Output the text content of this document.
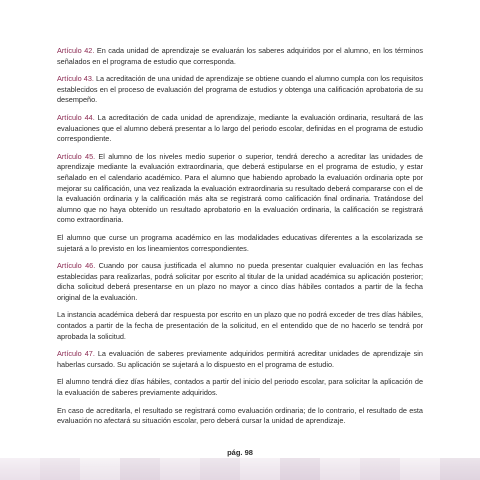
Artículo 42. En cada unidad de aprendizaje se evaluarán los saberes adquiridos por el alumno, en los términos señalados en el programa de estudio que corresponda.

Artículo 43. La acreditación de una unidad de aprendizaje se obtiene cuando el alumno cumpla con los requisitos establecidos en el proceso de evaluación del programa de estudios y obtenga una calificación aprobatoria de su desempeño.

Artículo 44. La acreditación de cada unidad de aprendizaje, mediante la evaluación ordinaria, resultará de las evaluaciones que el alumno deberá presentar a lo largo del periodo escolar, definidas en el programa de estudio correspondiente.

Artículo 45. El alumno de los niveles medio superior o superior, tendrá derecho a acreditar las unidades de aprendizaje mediante la evaluación extraordinaria, que deberá estipularse en el programa de estudio, y estar señalado en el calendario académico. Para el alumno que habiendo aprobado la evaluación ordinaria opte por mejorar su calificación, una vez realizada la evaluación extraordinaria su resultado deberá compararse con el de la evaluación ordinaria y la calificación más alta se registrará como calificación final ordinaria. Tratándose del alumno que no haya obtenido un resultado aprobatorio en la evaluación ordinaria, la calificación se registrará como extraordinaria.

El alumno que curse un programa académico en las modalidades educativas diferentes a la escolarizada se sujetará a lo previsto en los lineamientos correspondientes.

Artículo 46. Cuando por causa justificada el alumno no pueda presentar cualquier evaluación en las fechas establecidas para realizarlas, podrá solicitar por escrito al titular de la unidad académica su aplicación posterior; dicha solicitud deberá presentarse en un plazo no mayor a cinco días hábiles contados a partir de la fecha original de la evaluación.

La instancia académica deberá dar respuesta por escrito en un plazo que no podrá exceder de tres días hábiles, contados a partir de la fecha de presentación de la solicitud, en el entendido que de no hacerlo se tendrá por aprobada la solicitud.

Artículo 47. La evaluación de saberes previamente adquiridos permitirá acreditar unidades de aprendizaje sin haberlas cursado. Su aplicación se sujetará a lo dispuesto en el programa de estudio.

El alumno tendrá diez días hábiles, contados a partir del inicio del periodo escolar, para solicitar la aplicación de la evaluación de saberes previamente adquiridos.

En caso de acreditarla, el resultado se registrará como evaluación ordinaria; de lo contrario, el resultado de esta evaluación no afectará su situación escolar, pero deberá cursar la unidad de aprendizaje.

pág. 98
